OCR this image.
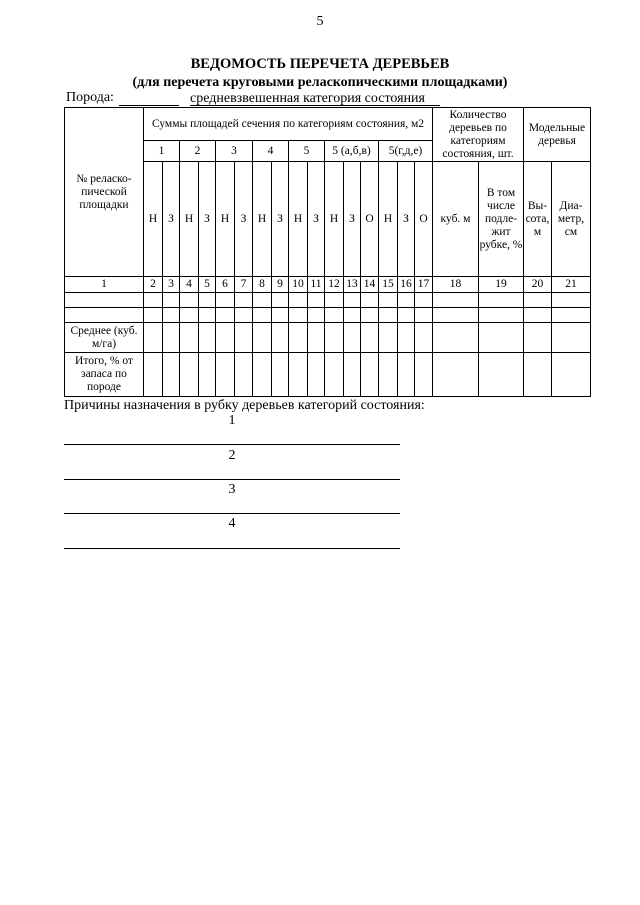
5
ВЕДОМОСТЬ ПЕРЕЧЕТА ДЕРЕВЬЕВ
(для перечета круговыми реласкопическими площадками)
Порода:	средневзвешенная категория состояния
№ реласко-пической площадки	Суммы площадей сечения по категориям состояния, м2																Количество деревьев по категориям состояния, шт.		Модельные деревья	
	1		2		3		4		5		5 (а,б,в)			5(г,д,е)						
	Н	З	Н	З	Н	З	Н	З	Н	З	Н	З	О	Н	З	О	куб. м	В том числе подле-жит рубке, %	Вы-сота, м	Диа-метр, см
1	2	3	4	5	6	7	8	9	10	11	12	13	14	15	16	17	18	19	20	21

Среднее (куб. м/га)																				
Итого, % от запаса по породе																				
Причины назначения в рубку деревьев категорий состояния:
1
2
3
4
